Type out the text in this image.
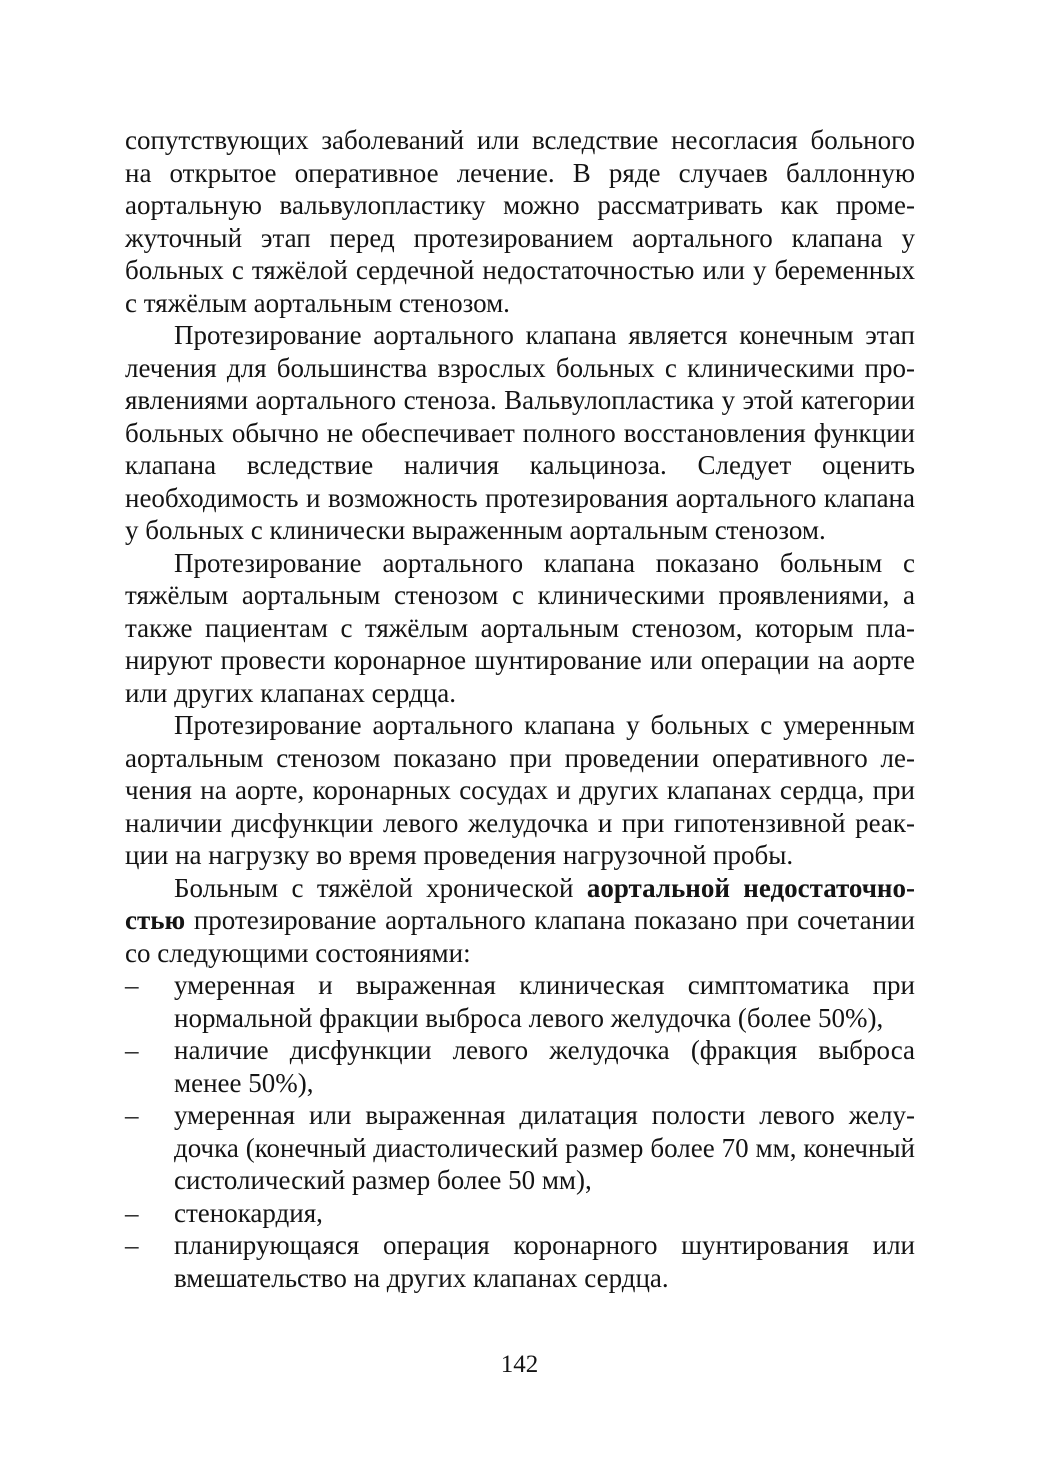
сопутствующих заболеваний или вследствие несогласия больного на открытое оперативное лечение. В ряде случаев баллонную аортальную вальвулопластику можно рассматривать как промежуточный этап перед протезированием аортального клапана у больных с тяжёлой сердечной недостаточностью или у беременных с тяжёлым аортальным стенозом.

Протезирование аортального клапана является конечным этап лечения для большинства взрослых больных с клиническими проявлениями аортального стеноза. Вальвулопластика у этой категории больных обычно не обеспечивает полного восстановления функции клапана вследствие наличия кальциноза. Следует оценить необходимость и возможность протезирования аортального клапана у больных с клинически выраженным аортальным стенозом.

Протезирование аортального клапана показано больным с тяжёлым аортальным стенозом с клиническими проявлениями, а также пациентам с тяжёлым аортальным стенозом, которым планируют провести коронарное шунтирование или операции на аорте или других клапанах сердца.

Протезирование аортального клапана у больных с умеренным аортальным стенозом показано при проведении оперативного лечения на аорте, коронарных сосудах и других клапанах сердца, при наличии дисфункции левого желудочка и при гипотензивной реакции на нагрузку во время проведения нагрузочной пробы.

Больным с тяжёлой хронической аортальной недостаточностью протезирование аортального клапана показано при сочетании со следующими состояниями:

– умеренная и выраженная клиническая симптоматика при нормальной фракции выброса левого желудочка (более 50%),
– наличие дисфункции левого желудочка (фракция выброса менее 50%),
– умеренная или выраженная дилатация полости левого желудочка (конечный диастолический размер более 70 мм, конечный систолический размер более 50 мм),
– стенокардия,
– планирующаяся операция коронарного шунтирования или вмешательство на других клапанах сердца.
142
